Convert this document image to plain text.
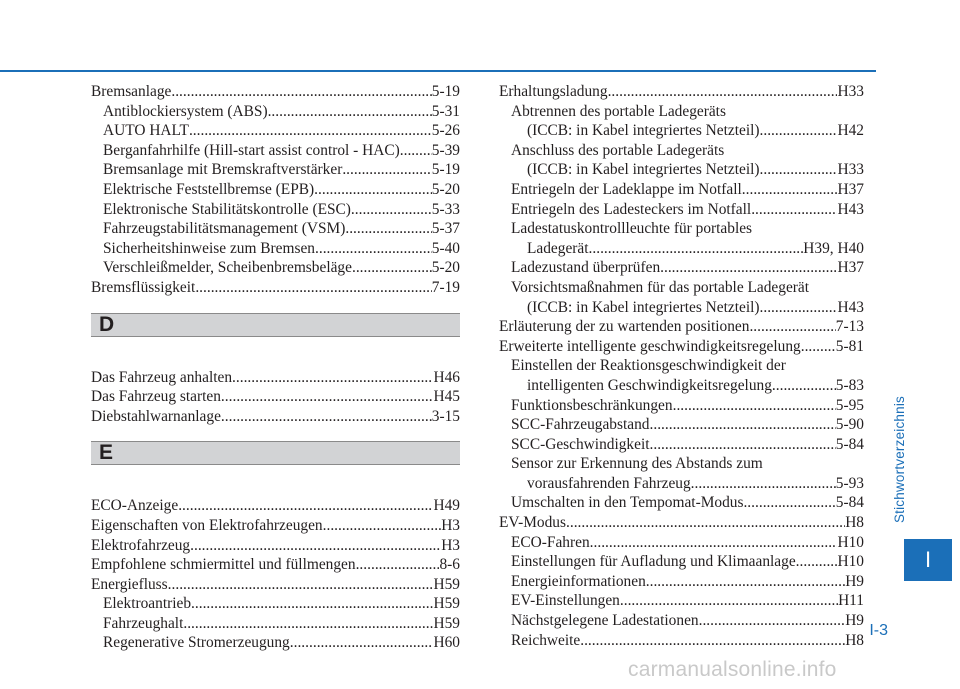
Bremsanlage .....	5-19
Antiblockiersystem (ABS) .....	5-31
AUTO HALT .....	5-26
Berganfahrhilfe (Hill-start assist control - HAC) ..... 5-39
Bremsanlage mit Bremskraftverstärker .....	5-19
Elektrische Feststellbremse (EPB) .....	5-20
Elektronische Stabilitätskontrolle (ESC) .....	5-33
Fahrzeugstabilitätsmanagement (VSM) .....	5-37
Sicherheitshinweise zum Bremsen .....	5-40
Verschleißmelder, Scheibenbremsbeläge .....	5-20
Bremsflüssigkeit .....	7-19
D
Das Fahrzeug anhalten .....	H46
Das Fahrzeug starten .....	H45
Diebstahlwarnanlage .....	3-15
E
ECO-Anzeige .....	H49
Eigenschaften von Elektrofahrzeugen .....	H3
Elektrofahrzeug .....	H3
Empfohlene schmiermittel und füllmengen .....	8-6
Energiefluss .....	H59
Elektroantrieb .....	H59
Fahrzeughalt .....	H59
Regenerative Stromerzeugung .....	H60
Erhaltungsladung .....	H33
Abtrennen des portable Ladegeräts
(ICCB: in Kabel integriertes Netzteil) .....	H42
Anschluss des portable Ladegeräts
(ICCB: in Kabel integriertes Netzteil) .....	H33
Entriegeln der Ladeklappe im Notfall .....	H37
Entriegeln des Ladesteckers im Notfall .....	H43
Ladestatuskontrollleuchte für portables
Ladegerät .....	H39, H40
Ladezustand überprüfen .....	H37
Vorsichtsmaßnahmen für das portable Ladegerät
(ICCB: in Kabel integriertes Netzteil) .....	H43
Erläuterung der zu wartenden positionen .....	7-13
Erweiterte intelligente geschwindigkeitsregelung ..... 5-81
Einstellen der Reaktionsgeschwindigkeit der
intelligenten Geschwindigkeitsregelung .....	5-83
Funktionsbeschränkungen .....	5-95
SCC-Fahrzeugabstand .....	5-90
SCC-Geschwindigkeit .....	5-84
Sensor zur Erkennung des Abstands zum
vorausfahrenden Fahrzeug .....	5-93
Umschalten in den Tempomat-Modus .....	5-84
EV-Modus .....	H8
ECO-Fahren .....	H10
Einstellungen für Aufladung und Klimaanlage .....	H10
Energieinformationen .....	H9
EV-Einstellungen .....	H11
Nächstgelegene Ladestationen .....	H9
Reichweite .....	H8
Stichwortverzeichnis
I
I-3
carmanualsonline.info
